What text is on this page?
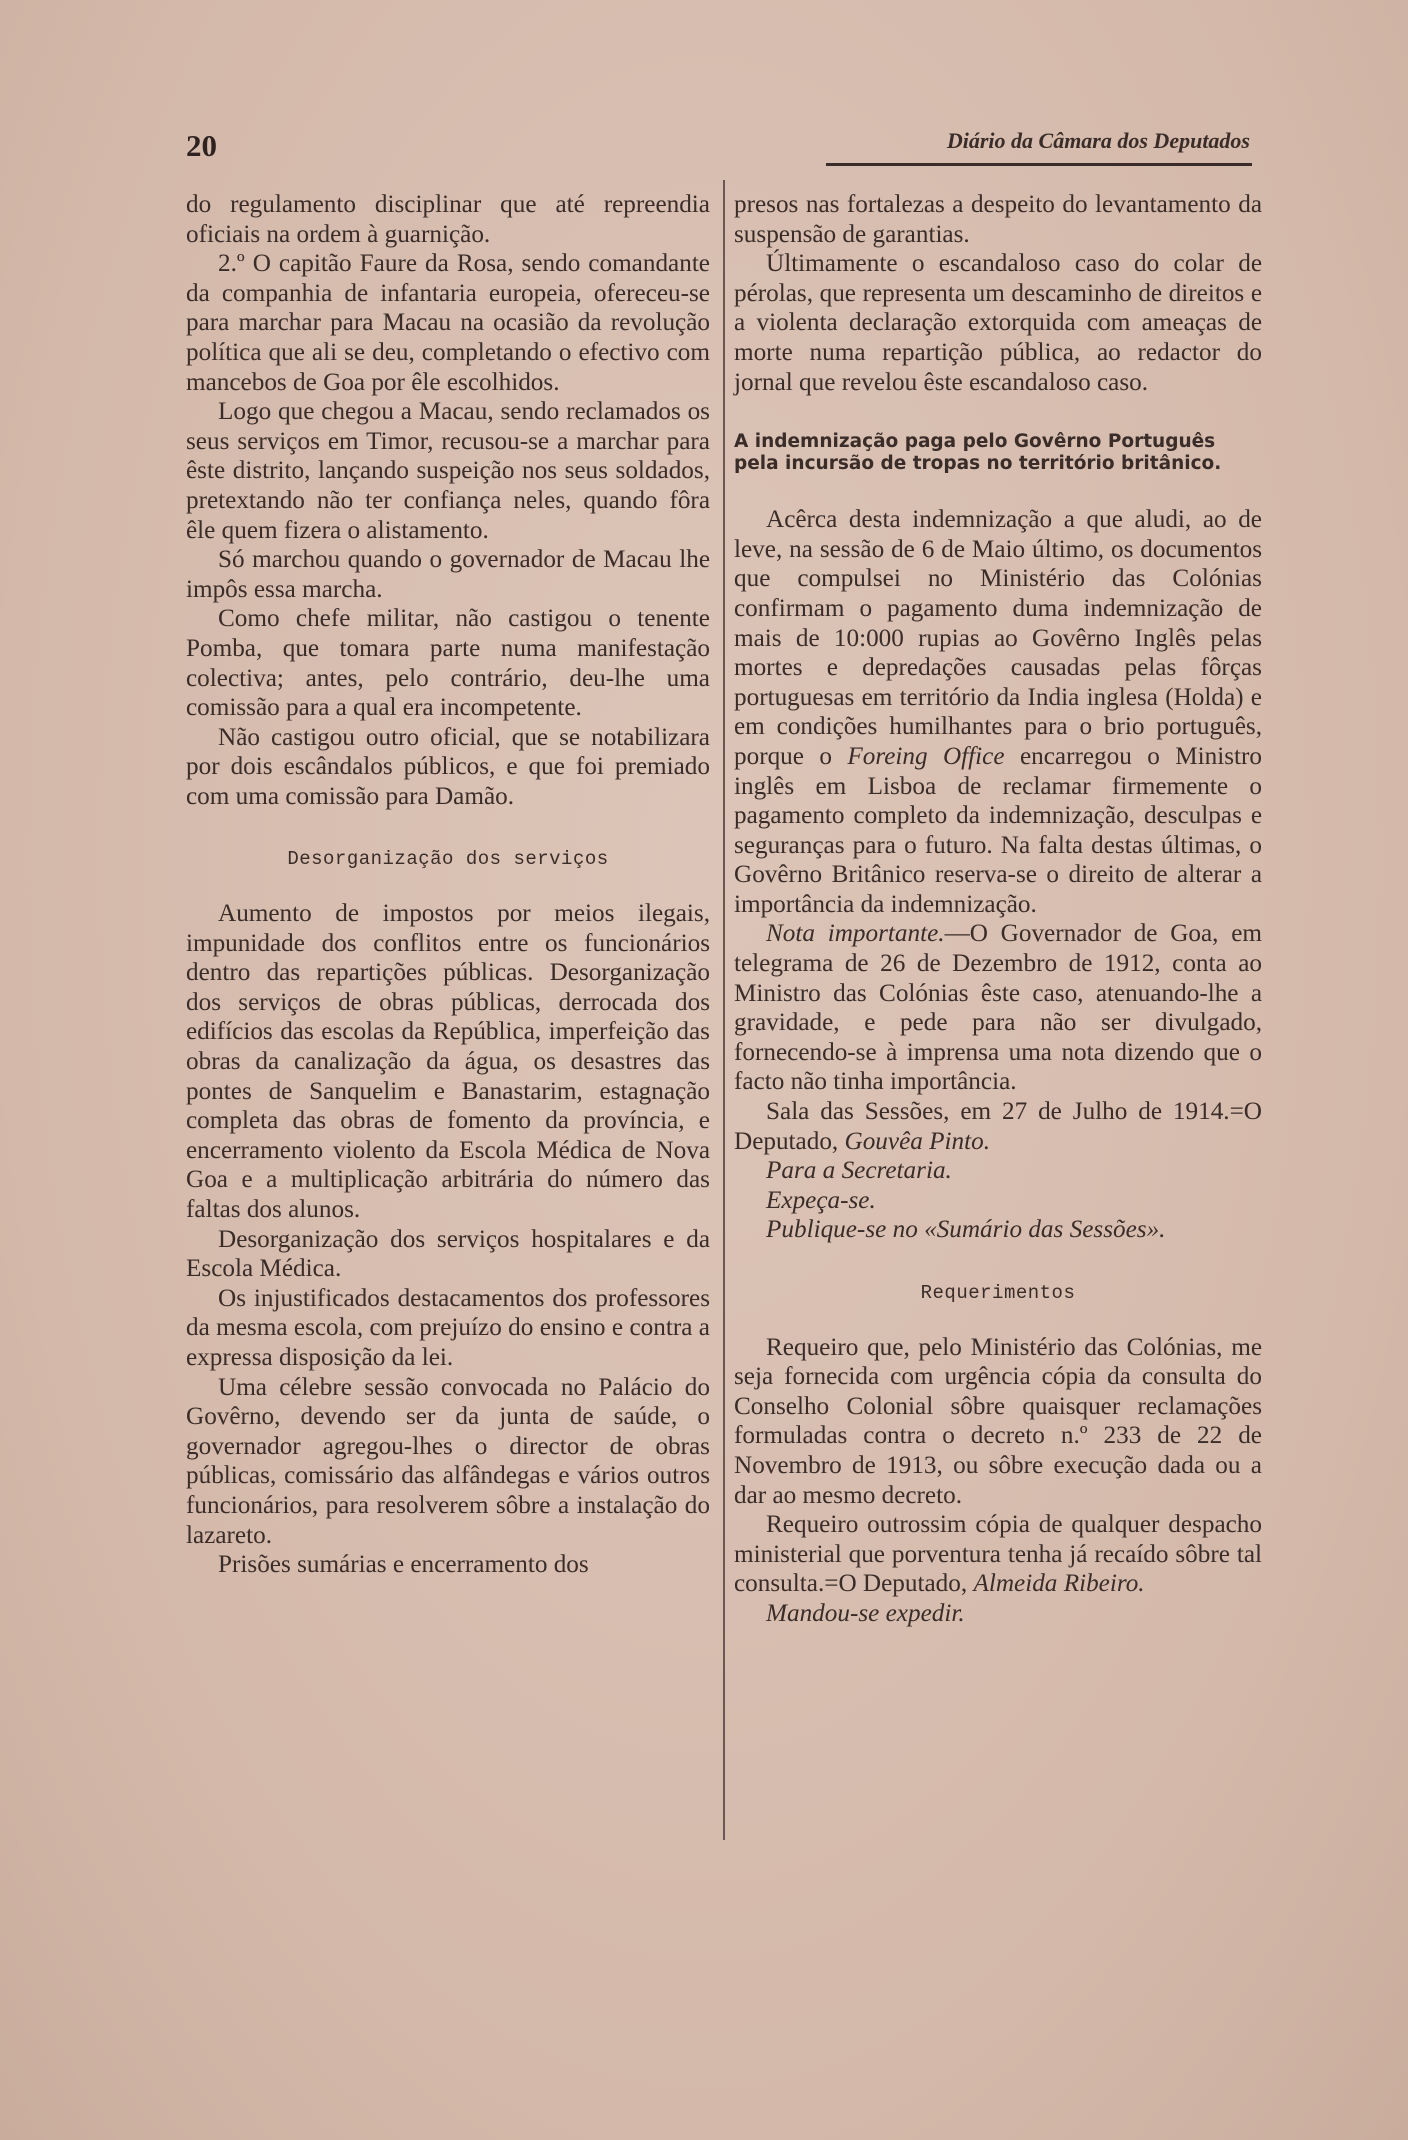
20	Diário da Câmara dos Deputados

do regulamento disciplinar que até repreendia oficiais na ordem à guarnição.

2.º O capitão Faure da Rosa, sendo comandante da companhia de infantaria europeia, ofereceu-se para marchar para Macau na ocasião da revolução política que ali se deu, completando o efectivo com mancebos de Goa por êle escolhidos.

Logo que chegou a Macau, sendo reclamados os seus serviços em Timor, recusou-se a marchar para êste distrito, lançando suspeição nos seus soldados, pretextando não ter confiança neles, quando fôra êle quem fizera o alistamento.

Só marchou quando o governador de Macau lhe impôs essa marcha.

Como chefe militar, não castigou o tenente Pomba, que tomara parte numa manifestação colectiva; antes, pelo contrário, deu-lhe uma comissão para a qual era incompetente.

Não castigou outro oficial, que se notabilizara por dois escândalos públicos, e que foi premiado com uma comissão para Damão.

Desorganização dos serviços

Aumento de impostos por meios ilegais, impunidade dos conflitos entre os funcionários dentro das repartições públicas. Desorganização dos serviços de obras públicas, derrocada dos edifícios das escolas da República, imperfeição das obras da canalização da água, os desastres das pontes de Sanquelim e Banastarim, estagnação completa das obras de fomento da província, e encerramento violento da Escola Médica de Nova Goa e a multiplicação arbitrária do número das faltas dos alunos.

Desorganização dos serviços hospitalares e da Escola Médica.

Os injustificados destacamentos dos professores da mesma escola, com prejuízo do ensino e contra a expressa disposição da lei.

Uma célebre sessão convocada no Palácio do Govêrno, devendo ser da junta de saúde, o governador agregou-lhes o director de obras públicas, comissário das alfândegas e vários outros funcionários, para resolverem sôbre a instalação do lazareto.

Prisões sumárias e encerramento dos

presos nas fortalezas a despeito do levantamento da suspensão de garantias.

Últimamente o escandaloso caso do colar de pérolas, que representa um descaminho de direitos e a violenta declaração extorquida com ameaças de morte numa repartição pública, ao redactor do jornal que revelou êste escandaloso caso.

A indemnização paga pelo Govêrno Português pela incursão de tropas no território britânico.

Acêrca desta indemnização a que aludi, ao de leve, na sessão de 6 de Maio último, os documentos que compulsei no Ministério das Colónias confirmam o pagamento duma indemnização de mais de 10:000 rupias ao Govêrno Inglês pelas mortes e depredações causadas pelas fôrças portuguesas em território da India inglesa (Holda) e em condições humilhantes para o brio português, porque o Foreing Office encarregou o Ministro inglês em Lisboa de reclamar firmemente o pagamento completo da indemnização, desculpas e seguranças para o futuro. Na falta destas últimas, o Govêrno Britânico reserva-se o direito de alterar a importância da indemnização.

Nota importante.—O Governador de Goa, em telegrama de 26 de Dezembro de 1912, conta ao Ministro das Colónias êste caso, atenuando-lhe a gravidade, e pede para não ser divulgado, fornecendo-se à imprensa uma nota dizendo que o facto não tinha importância.

Sala das Sessões, em 27 de Julho de 1914.=O Deputado, Gouvêa Pinto.

Para a Secretaria.

Expeça-se.

Publique-se no «Sumário das Sessões».

Requerimentos

Requeiro que, pelo Ministério das Colónias, me seja fornecida com urgência cópia da consulta do Conselho Colonial sôbre quaisquer reclamações formuladas contra o decreto n.º 233 de 22 de Novembro de 1913, ou sôbre execução dada ou a dar ao mesmo decreto.

Requeiro outrossim cópia de qualquer despacho ministerial que porventura tenha já recaído sôbre tal consulta.=O Deputado, Almeida Ribeiro.

Mandou-se expedir.
